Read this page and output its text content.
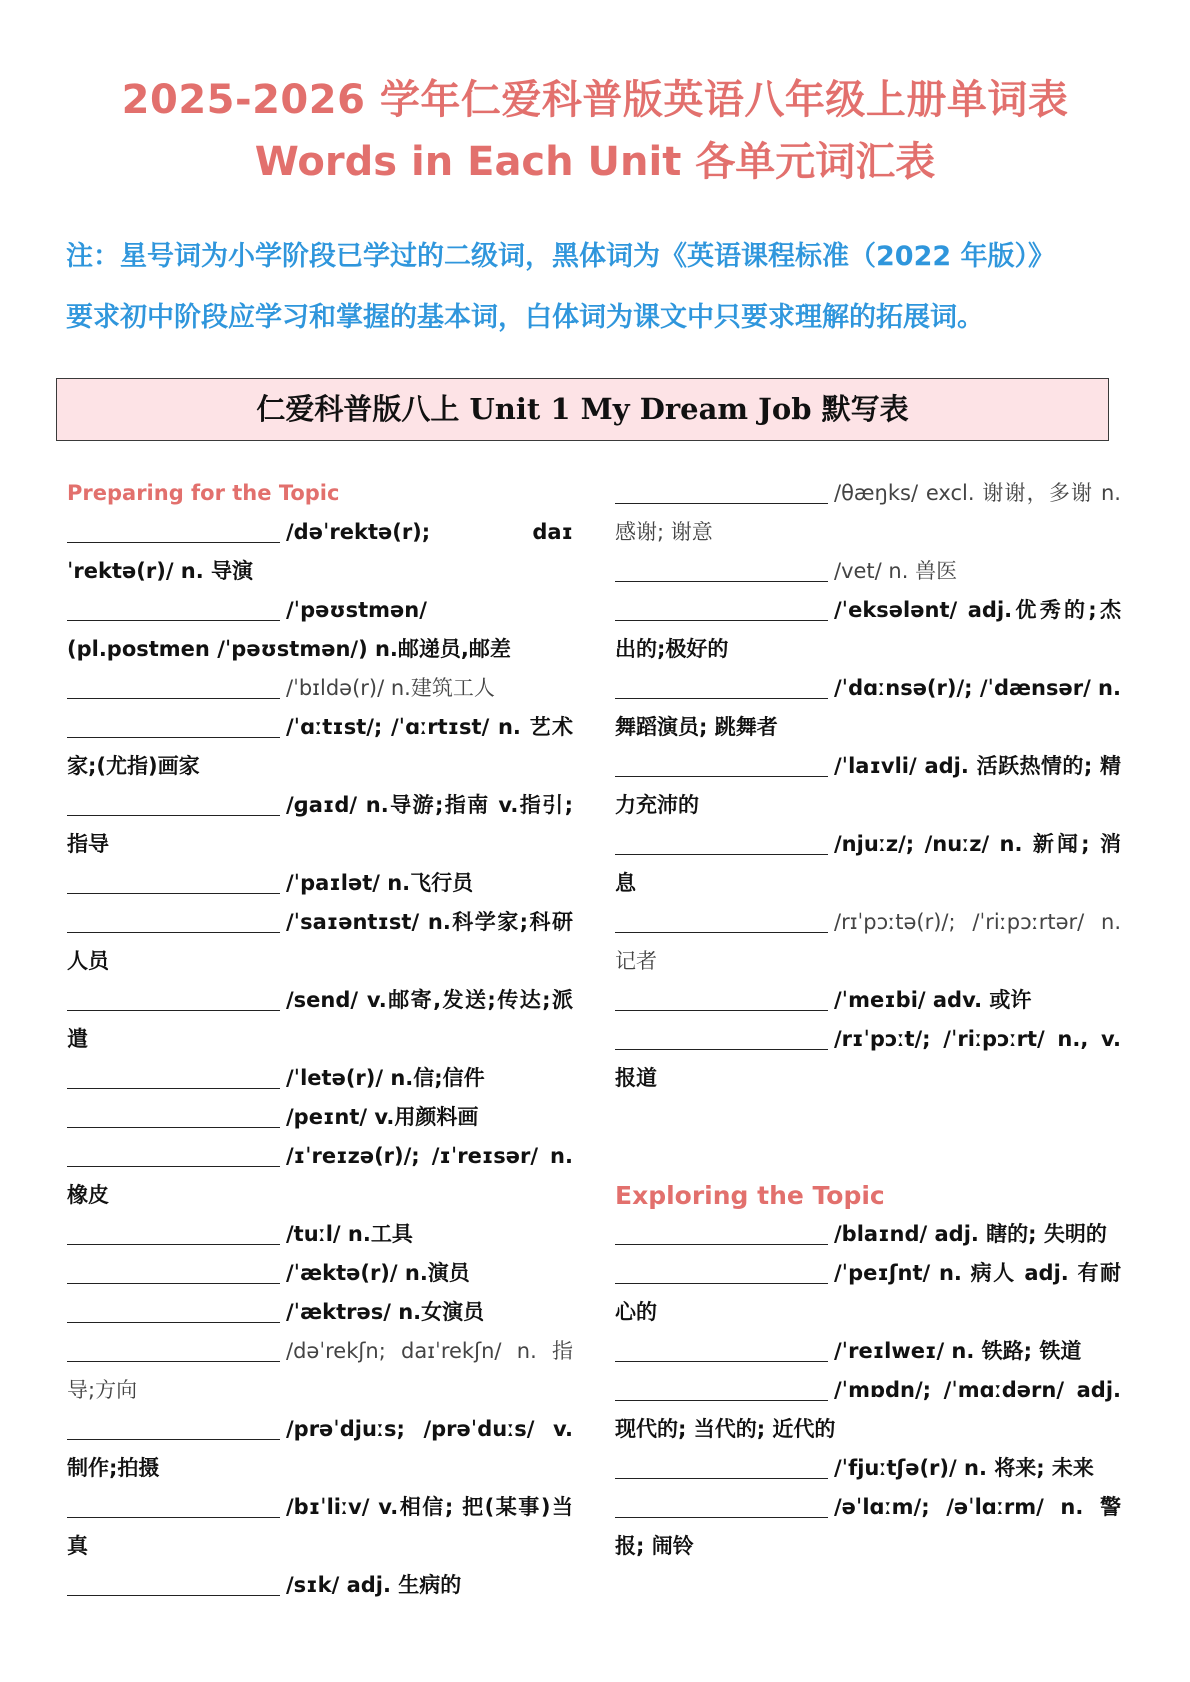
2025-2026 学年仁爱科普版英语八年级上册单词表
Words in Each Unit 各单元词汇表
注：星号词为小学阶段已学过的二级词，黑体词为《英语课程标准（2022 年版）》
要求初中阶段应学习和掌握的基本词，白体词为课文中只要求理解的拓展词。
仁爱科普版八上 Unit 1 My Dream Job 默写表
Preparing for the Topic
/dəˈrektə(r); daɪˈrektə(r)/ n. 导演
/ˈpəʊstmən/ (pl.postmen /ˈpəʊstmən/) n.邮递员,邮差
/ˈbɪldə(r)/ n.建筑工人
/ˈɑːtɪst/; /ˈɑːrtɪst/ n. 艺术家;(尤指)画家
/ɡaɪd/ n.导游;指南 v.指引;指导
/ˈpaɪlət/ n.飞行员
/ˈsaɪəntɪst/ n.科学家;科研人员
/send/ v.邮寄,发送;传达;派遣
/ˈletə(r)/ n.信;信件
/peɪnt/ v.用颜料画
/ɪˈreɪzə(r)/; /ɪˈreɪsər/ n. 橡皮
/tuːl/ n.工具
/ˈæktə(r)/ n.演员
/ˈæktrəs/ n.女演员
/dəˈrekʃn; daɪˈrekʃn/ n. 指导;方向
/prəˈdjuːs; /prəˈduːs/ v. 制作;拍摄
/bɪˈliːv/ v.相信; 把(某事)当真
/sɪk/ adj. 生病的
/θæŋks/ excl. 谢谢，多谢 n. 感谢; 谢意
/vet/ n. 兽医
/ˈeksələnt/ adj.优秀的;杰出的;极好的
/ˈdɑːnsə(r)/; /ˈdænsər/ n. 舞蹈演员; 跳舞者
/ˈlaɪvli/ adj. 活跃热情的; 精力充沛的
/njuːz/; /nuːz/ n. 新闻; 消息
/rɪˈpɔːtə(r)/; /ˈriːpɔːrtər/ n. 记者
/ˈmeɪbi/ adv. 或许
/rɪˈpɔːt/; /ˈriːpɔːrt/ n., v. 报道
Exploring the Topic
/blaɪnd/ adj. 瞎的; 失明的
/ˈpeɪʃnt/ n. 病人 adj. 有耐心的
/ˈreɪlweɪ/ n. 铁路; 铁道
/ˈmɒdn/; /ˈmɑːdərn/ adj. 现代的; 当代的; 近代的
/ˈfjuːtʃə(r)/ n. 将来; 未来
/əˈlɑːm/; /əˈlɑːrm/ n. 警报; 闹铃
